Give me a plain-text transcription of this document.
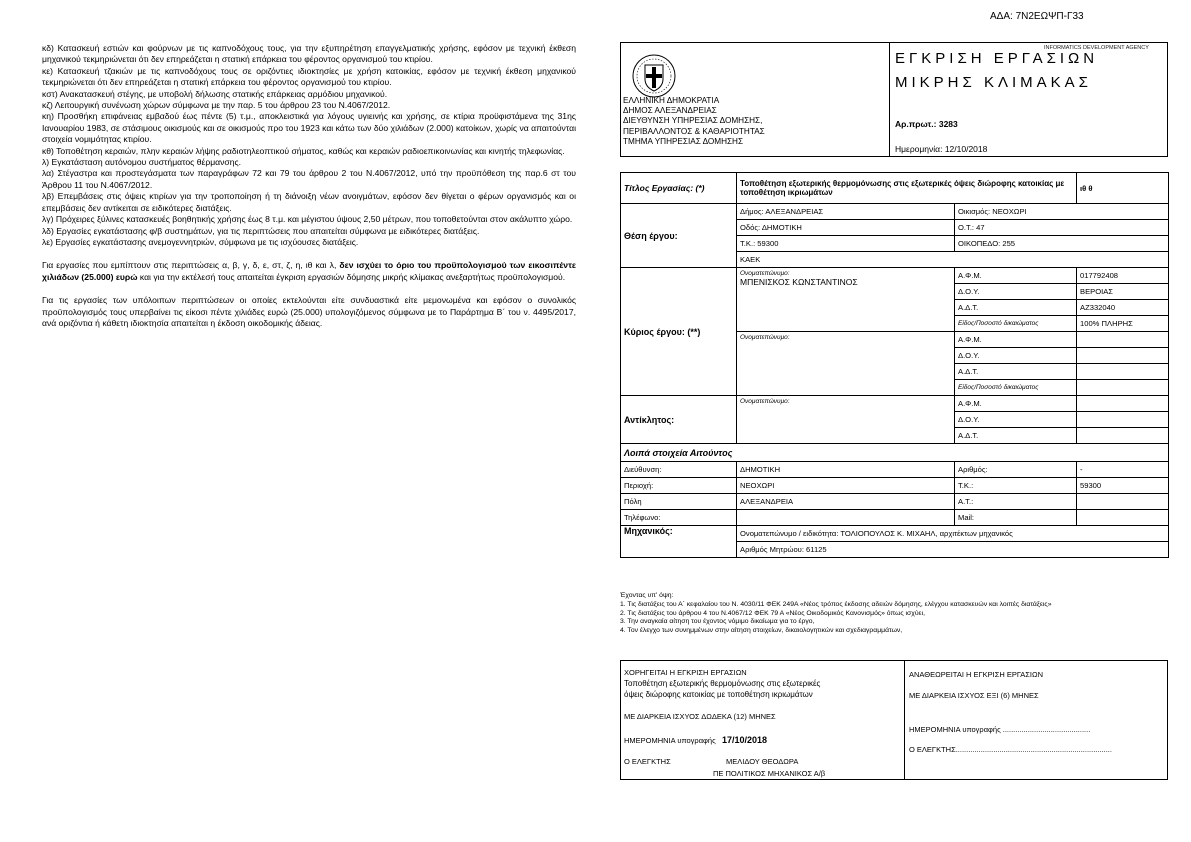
ΑΔΑ: 7Ν2ΕΩΨΠ-Γ33

κδ) Κατασκευή εστιών και φούρνων με τις καπνοδόχους τους, για την εξυπηρέτηση επαγγελματικής χρήσης, εφόσον με τεχνική έκθεση μηχανικού τεκμηριώνεται ότι δεν επηρεάζεται η στατική επάρκεια του φέροντος οργανισμού του κτιρίου.

κε) Κατασκευή τζακιών με τις καπνοδόχους τους σε οριζόντιες ιδιοκτησίες με χρήση κατοικίας, εφόσον με τεχνική έκθεση μηχανικού τεκμηριώνεται ότι δεν επηρεάζεται η στατική επάρκεια του φέροντος οργανισμού του κτιρίου.

κστ) Ανακατασκευή στέγης, με υποβολή δήλωσης στατικής επάρκειας αρμόδιου μηχανικού.

κζ) Λειτουργική συνένωση χώρων σύμφωνα με την παρ. 5 του άρθρου 23 του Ν.4067/2012.

κη) Προσθήκη επιφάνειας εμβαδού έως πέντε (5) τ.μ., αποκλειστικά για λόγους υγιεινής και χρήσης, σε κτίρια προϋφιστάμενα της 31ης Ιανουαρίου 1983, σε στάσιμους οικισμούς και σε οικισμούς προ του 1923 και κάτω των δύο χιλιάδων (2.000) κατοίκων, χωρίς να απαιτούνται στοιχεία νομιμότητας κτιρίου.

κθ) Τοποθέτηση κεραιών, πλην κεραιών λήψης ραδιοτηλεοπτικού σήματος, καθώς και κεραιών ραδιοεπικοινωνίας και κινητής τηλεφωνίας.

λ) Εγκατάσταση αυτόνομου συστήματος θέρμανσης.

λα) Στέγαστρα και προστεγάσματα των παραγράφων 72 και 79 του άρθρου 2 του Ν.4067/2012, υπό την προϋπόθεση της παρ.6 στ του Άρθρου 11 του Ν.4067/2012.

λβ) Επεμβάσεις στις όψεις κτιρίων για την τροποποίηση ή τη διάνοιξη νέων ανοιγμάτων, εφόσον δεν θίγεται ο φέρων οργανισμός και οι επεμβάσεις δεν αντίκειται σε ειδικότερες διατάξεις.

λγ) Πρόχειρες ξύλινες κατασκευές βοηθητικής χρήσης έως 8 τ.μ. και μέγιστου ύψους 2,50 μέτρων, που τοποθετούνται στον ακάλυπτο χώρο.

λδ) Εργασίες εγκατάστασης φ/β συστημάτων, για τις περιπτώσεις που απαιτείται σύμφωνα με ειδικότερες διατάξεις.

λε) Εργασίες εγκατάστασης ανεμογεννητριών, σύμφωνα με τις ισχύουσες διατάξεις.

Για εργασίες που εμπίπτουν στις περιπτώσεις α, β, γ, δ, ε, στ, ζ, η, ιθ και λ, δεν ισχύει το όριο του προϋπολογισμού των εικοσιπέντε χιλιάδων (25.000) ευρώ και για την εκτέλεσή τους απαιτείται έγκριση εργασιών δόμησης μικρής κλίμακας ανεξαρτήτως προϋπολογισμού.

Για τις εργασίες των υπόλοιπων περιπτώσεων οι οποίες εκτελούνται είτε συνδυαστικά είτε μεμονωμένα και εφόσον ο συνολικός προϋπολογισμός τους υπερβαίνει τις είκοσι πέντε χιλιάδες ευρώ (25.000) υπολογιζόμενος σύμφωνα με το Παράρτημα Β΄ του ν. 4495/2017, ανά οριζόντια ή κάθετη ιδιοκτησία απαιτείται η έκδοση οικοδομικής άδειας.

ΕΛΛΗΝΙΚΗ ΔΗΜΟΚΡΑΤΙΑ
ΔΗΜΟΣ ΑΛΕΞΑΝΔΡΕΙΑΣ
ΔΙΕΥΘΥΝΣΗ ΥΠΗΡΕΣΙΑΣ ΔΟΜΗΣΗΣ,
ΠΕΡΙΒΑΛΛΟΝΤΟΣ & ΚΑΘΑΡΙΟΤΗΤΑΣ
ΤΜΗΜΑ ΥΠΗΡΕΣΙΑΣ ΔΟΜΗΣΗΣ
ΕΓΚΡΙΣΗ ΕΡΓΑΣΙΩΝ
ΜΙΚΡΗΣ ΚΛΙΜΑΚΑΣ
INFORMATICS DEVELOPMENT AGENCY
Αρ.πρωτ.: 3283
Ημερομηνία: 12/10/2018
Τίτλος Εργασίας: (*)	Τοποθέτηση εξωτερικής θερμομόνωσης στις εξωτερικές όψεις διώροφης κατοικίας με τοποθέτηση ικριωμάτων		ιθ θ
Θέση έργου:	Δήμος: ΑΛΕΞΑΝΔΡΕΙΑΣ	Οικισμός: ΝΕΟΧΩΡΙ	
	Οδός: ΔΗΜΟΤΙΚΗ	Ο.Τ.: 47	
	Τ.Κ.: 59300	ΟΙΚΟΠΕΔΟ: 255	
	ΚΑΕΚ		
Κύριος έργου: (**)	Ονοματεπώνυμο:
ΜΠΕΝΙΣΚΟΣ ΚΩΝΣΤΑΝΤΙΝΟΣ	Α.Φ.Μ.	017792408
		Δ.Ο.Υ.	ΒΕΡΟΙΑΣ
		Α.Δ.Τ.	ΑΖ332040
		Είδος/Ποσοστό δικαιώματος	100% ΠΛΗΡΗΣ

	Ονοματεπώνυμο:	Α.Φ.Μ.	
		Δ.Ο.Υ.	
		Α.Δ.Τ.	
		Είδος/Ποσοστό δικαιώματος	
Αντίκλητος:	Ονοματεπώνυμο:	Α.Φ.Μ.	
		Δ.Ο.Υ.	
		Α.Δ.Τ.	
Λοιπά στοιχεία Αιτούντος			
Διεύθυνση:	ΔΗΜΟΤΙΚΗ	Αριθμός:	-
Περιοχή:	ΝΕΟΧΩΡΙ	Τ.Κ.:	59300
Πόλη	ΑΛΕΞΑΝΔΡΕΙΑ	Α.Τ.:	
Τηλέφωνο:		Mail:	
Μηχανικός:	Ονοματεπώνυμο / ειδικότητα: ΤΟΛΙΟΠΟΥΛΟΣ Κ. ΜΙΧΑΗΛ, αρχιτέκτων μηχανικός		
	Αριθμός Μητρώου: 61125		

Έχοντας υπ' όψη:

1. Τις διατάξεις του Α΄ κεφαλαίου του Ν. 4030/11 ΦΕΚ 249Α «Νέος τρόπος έκδοσης αδειών δόμησης, ελέγχου κατασκευών και λοιπές διατάξεις»

2. Τις διατάξεις του άρθρου 4 του Ν.4067/12 ΦΕΚ 79 Α «Νέος Οικοδομικός Κανονισμός» όπως ισχύει,

3. Την αναγκαία αίτηση του έχοντος νόμιμο δικαίωμα για το έργο,

4. Τον έλεγχο των συνημμένων στην αίτηση στοιχείων, δικαιολογητικών και σχεδιαγραμμάτων,

ΧΟΡΗΓΕΙΤΑΙ Η ΕΓΚΡΙΣΗ ΕΡΓΑΣΙΩΝ
Τοποθέτηση εξωτερικής θερμομόνωσης στις εξωτερικές
όψεις διώροφης κατοικίας με τοποθέτηση ικριωμάτων
ΜΕ ΔΙΑΡΚΕΙΑ ΙΣΧΥΟΣ ΔΩΔΕΚΑ (12) ΜΗΝΕΣ
ΗΜΕΡΟΜΗΝΙΑ υπογραφής 17/10/2018
Ο ΕΛΕΓΚΤΗΣ	ΜΕΛΙΔΟΥ ΘΕΟΔΩΡΑ
ΠΕ ΠΟΛΙΤΙΚΟΣ ΜΗΧΑΝΙΚΟΣ Α/β
ΑΝΑΘΕΩΡΕΙΤΑΙ Η ΕΓΚΡΙΣΗ ΕΡΓΑΣΙΩΝ
ΜΕ ΔΙΑΡΚΕΙΑ ΙΣΧΥΟΣ ΕΞΙ (6) ΜΗΝΕΣ
ΗΜΕΡΟΜΗΝΙΑ υπογραφής ..........................................
Ο ΕΛΕΓΚΤΗΣ...........................................................................
